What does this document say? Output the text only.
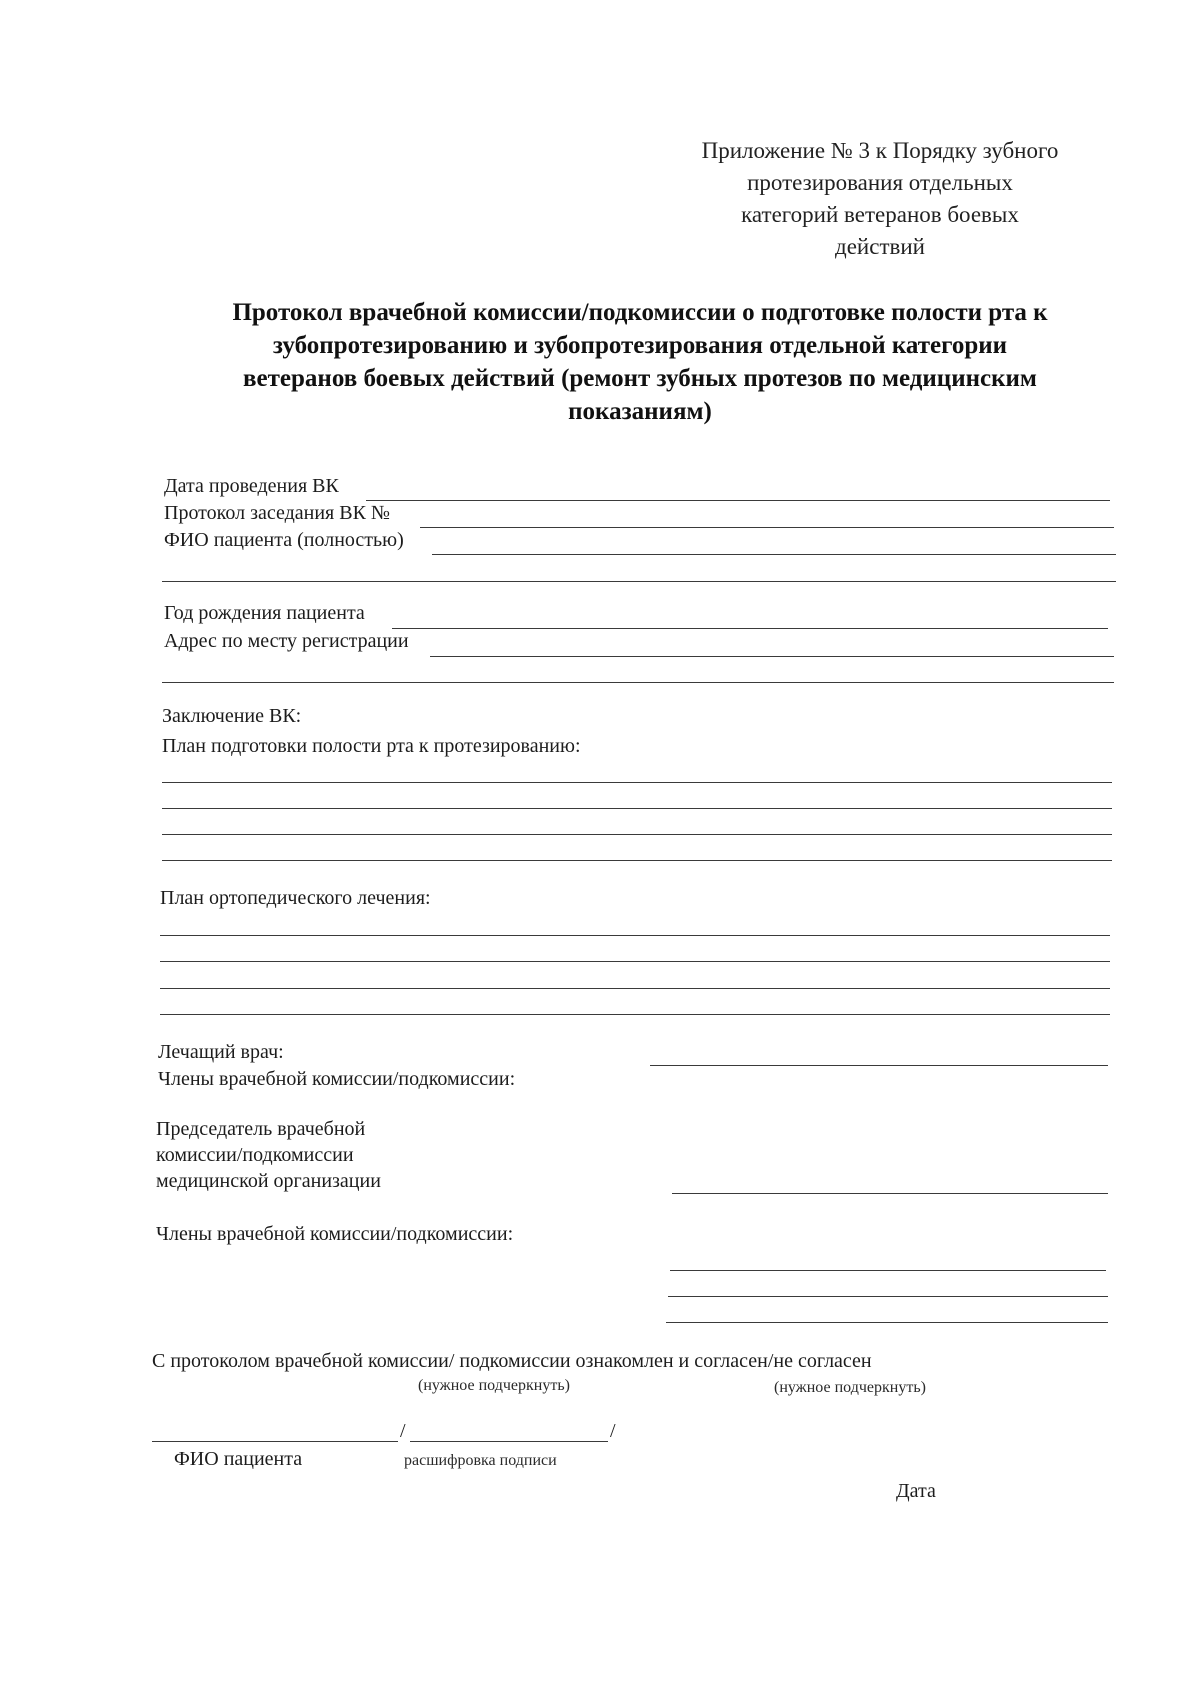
Приложение № 3 к Порядку зубного
протезирования отдельных
категорий ветеранов боевых
действий
Протокол врачебной комиссии/подкомиссии о подготовке полости рта к
зубопротезированию и зубопротезирования отдельной категории
ветеранов боевых действий (ремонт зубных протезов по медицинским
показаниям)
Дата проведения ВК
Протокол заседания ВК №
ФИО пациента (полностью)
Год рождения пациента
Адрес по месту регистрации
Заключение ВК:
План подготовки полости рта к протезированию:
План ортопедического лечения:
Лечащий врач:
Члены врачебной комиссии/подкомиссии:
Председатель врачебной
комиссии/подкомиссии
медицинской организации
Члены врачебной комиссии/подкомиссии:
С протоколом врачебной комиссии/ подкомиссии ознакомлен и согласен/не согласен
(нужное подчеркнуть)	(нужное подчеркнуть)
/	/
ФИО пациента	расшифровка подписи
Дата
